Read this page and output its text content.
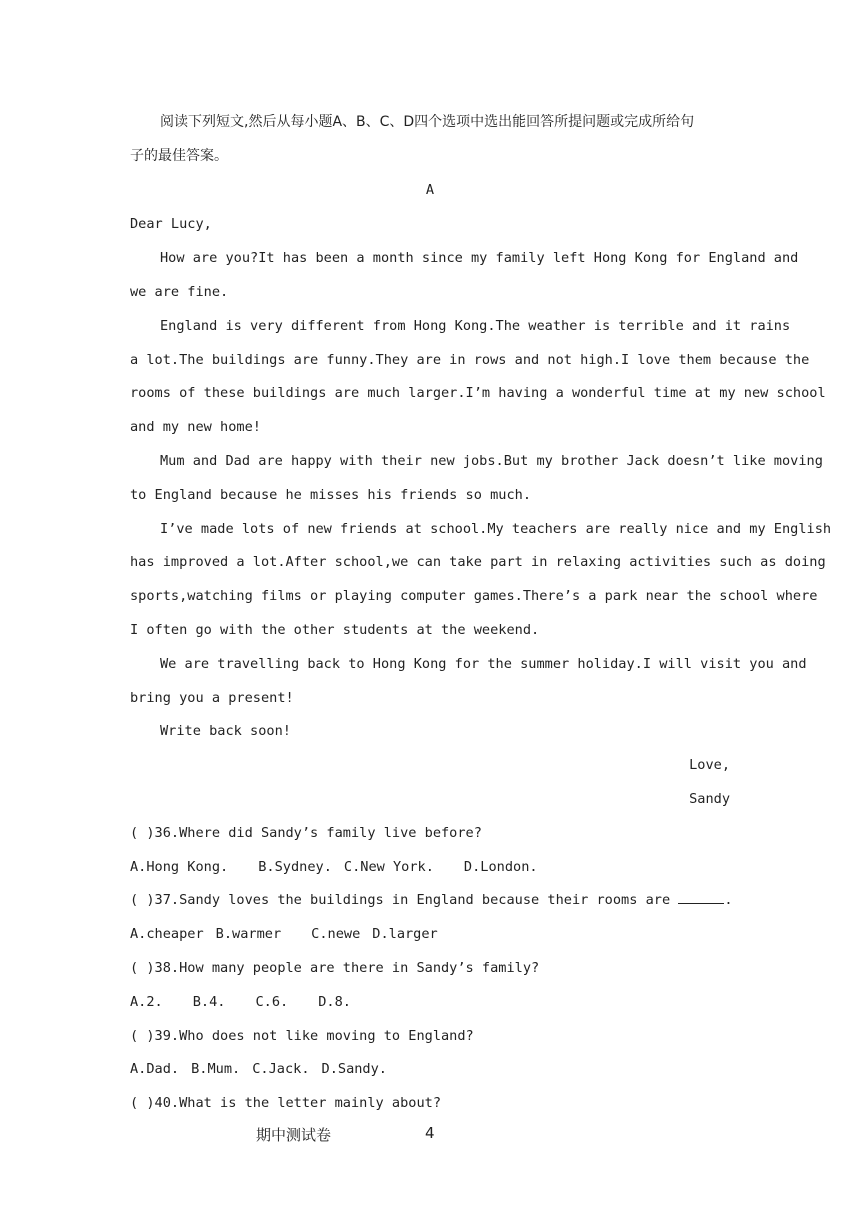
阅读下列短文,然后从每小题A、B、C、D四个选项中选出能回答所提问题或完成所给句
子的最佳答案。
A
Dear Lucy,
How are you?It has been a month since my family left Hong Kong for England and
we are fine.
England is very different from Hong Kong.The weather is terrible and it rains
a lot.The buildings are funny.They are in rows and not high.I love them because the
rooms of these buildings are much larger.I’m having a wonderful time at my new school
and my new home!
Mum and Dad are happy with their new jobs.But my brother Jack doesn’t like moving
to England because he misses his friends so much.
I’ve made lots of new friends at school.My teachers are really nice and my English
has improved a lot.After school,we can take part in relaxing activities such as doing
sports,watching films or playing computer games.There’s a park near the school where
I often go with the other students at the weekend.
We are travelling back to Hong Kong for the summer holiday.I will visit you and
bring you a present!
Write back soon!
Love,
Sandy
( )36.Where did Sandy’s family live before?
A.Hong Kong. B.Sydney. C.New York. D.London.
( )37.Sandy loves the buildings in England because their rooms are	.
A.cheaper B.warmer C.newe D.larger
( )38.How many people are there in Sandy’s family?
A.2. B.4. C.6. D.8.
( )39.Who does not like moving to England?
A.Dad. B.Mum. C.Jack. D.Sandy.
( )40.What is the letter mainly about?
期中测试卷	4
